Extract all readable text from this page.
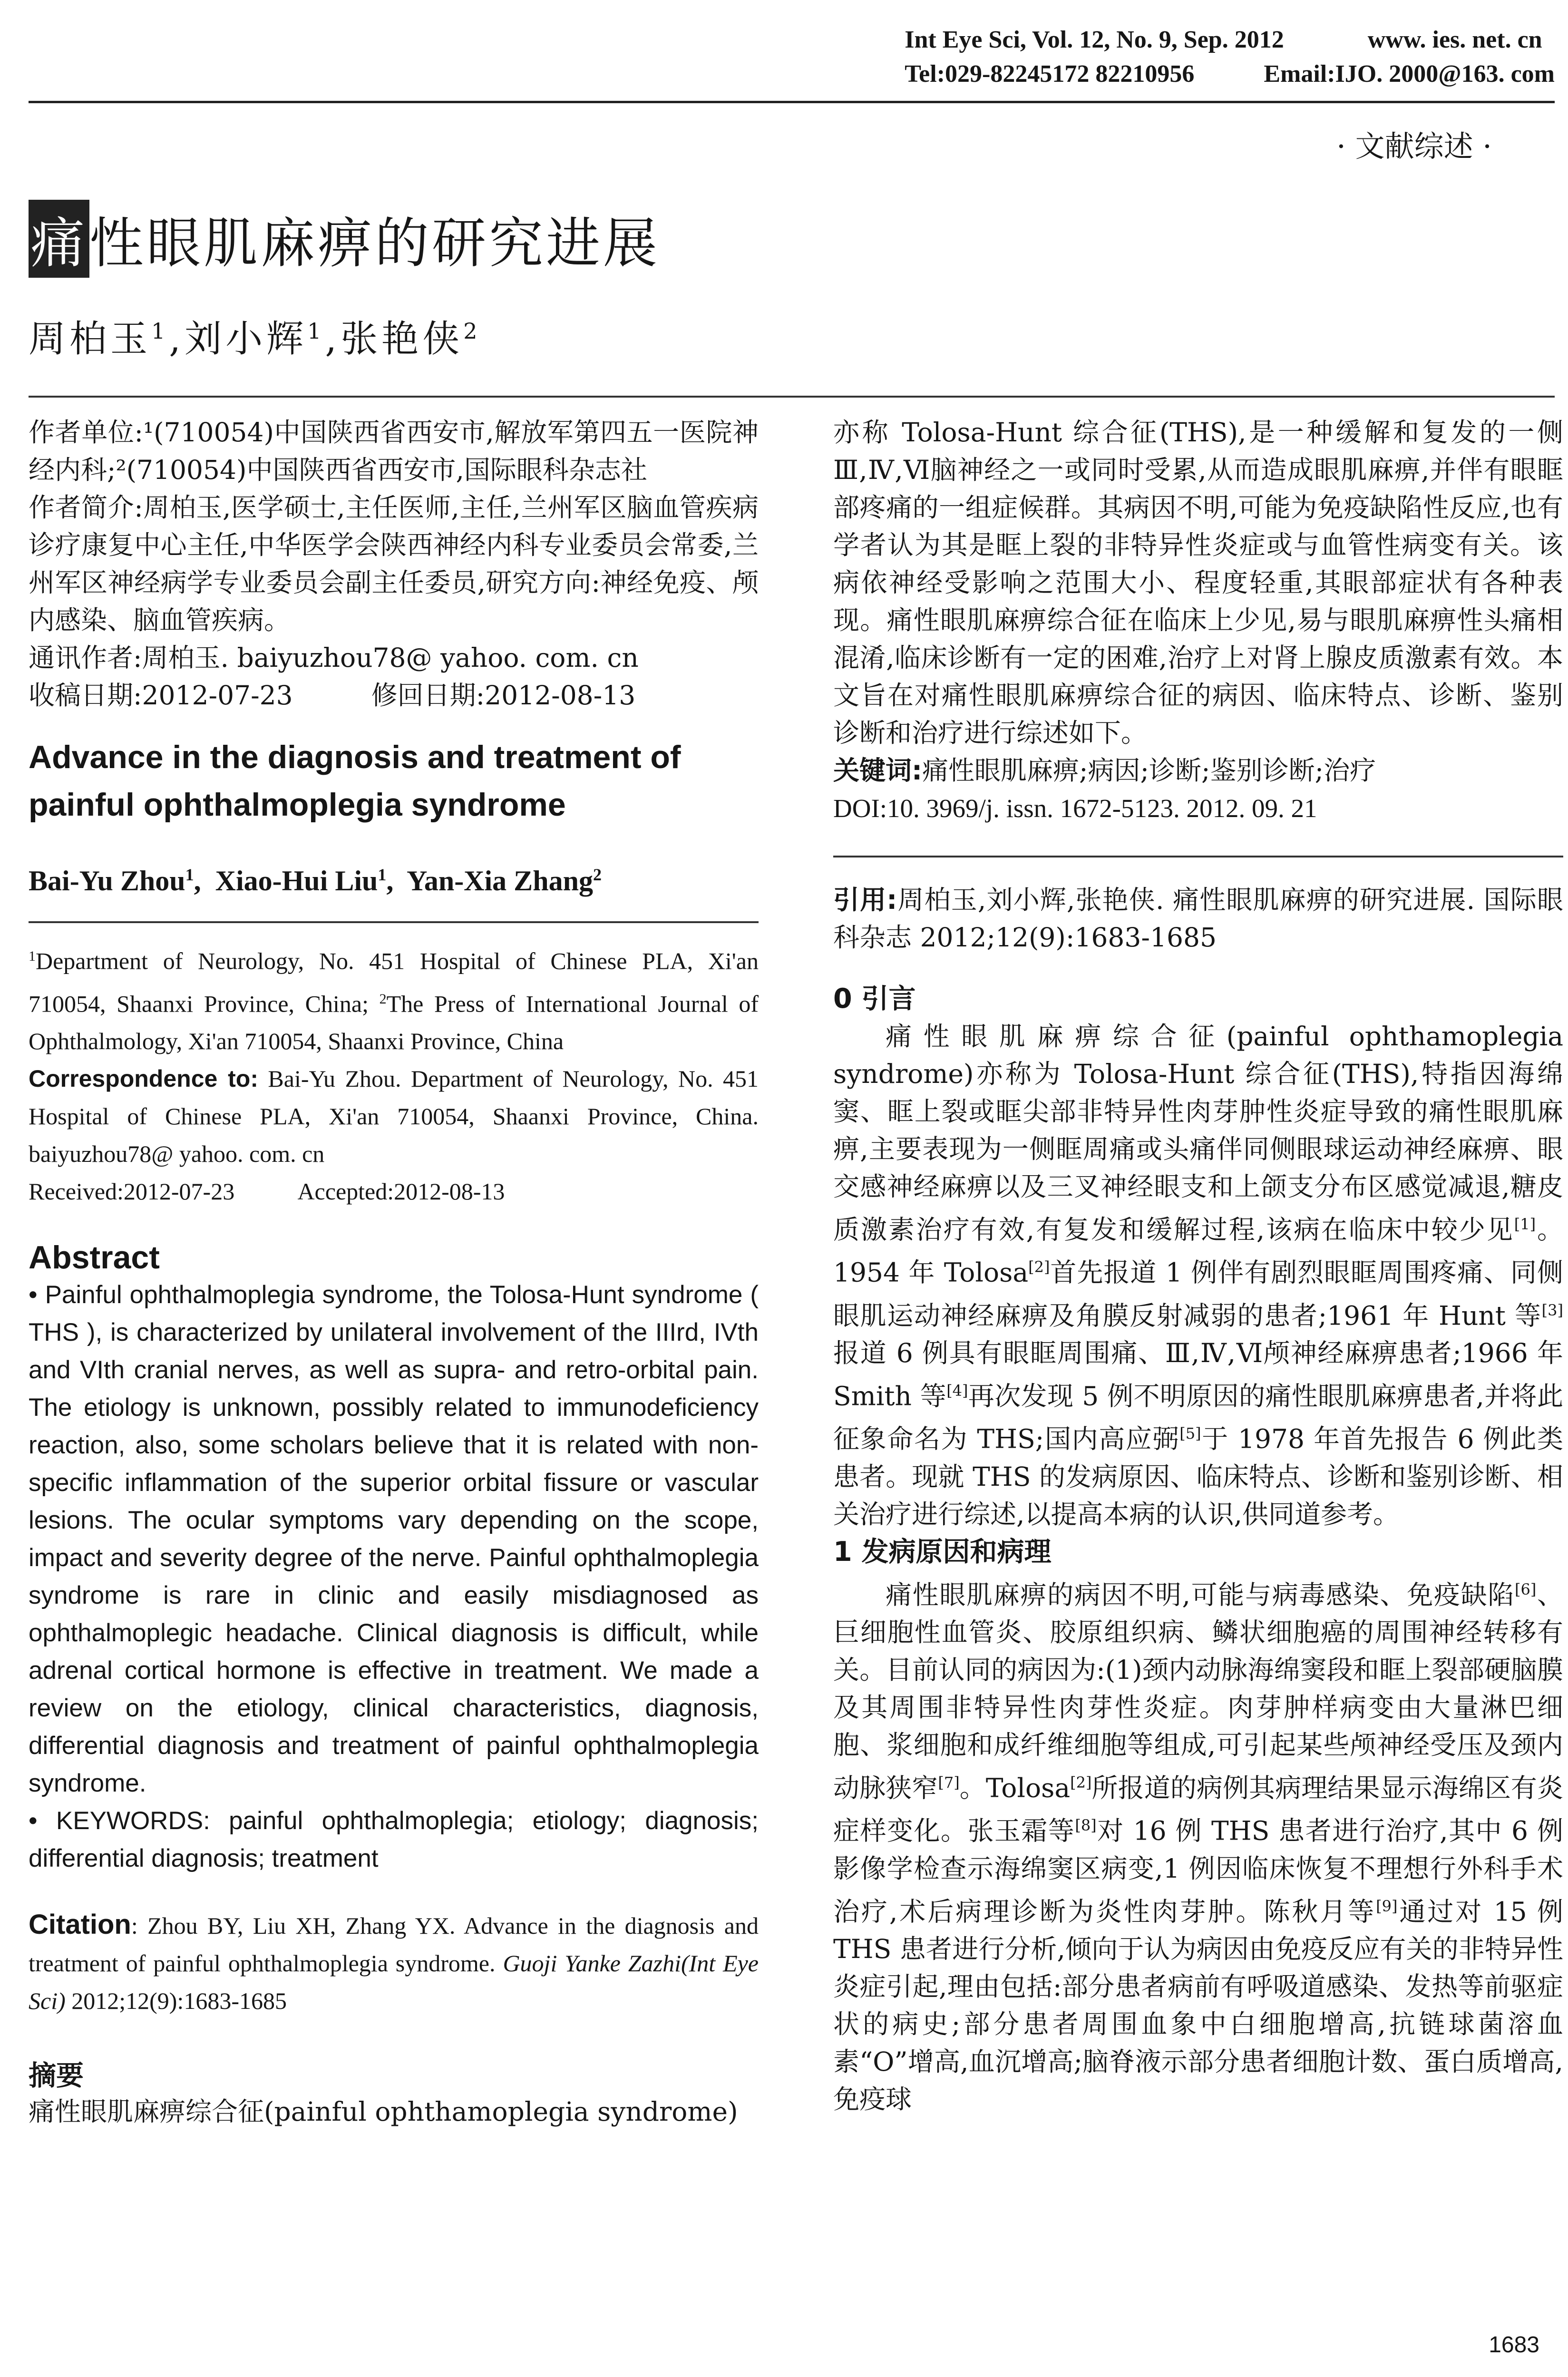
Int Eye Sci, Vol. 12, No. 9, Sep. 2012	www. ies. net. cn
Tel:029-82245172 82210956	Email:IJO. 2000@163. com
· 文献综述 ·
痛性眼肌麻痹的研究进展
周柏玉$^1$,刘小辉$^1$,张艳侠$^2$

作者单位:¹(710054)中国陕西省西安市,解放军第四五一医院神经内科;²(710054)中国陕西省西安市,国际眼科杂志社

作者简介:周柏玉,医学硕士,主任医师,主任,兰州军区脑血管疾病诊疗康复中心主任,中华医学会陕西神经内科专业委员会常委,兰州军区神经病学专业委员会副主任委员,研究方向:神经免疫、颅内感染、脑血管疾病。

通讯作者:周柏玉. baiyuzhou78@ yahoo. com. cn

收稿日期:2012-07-23	修回日期:2012-08-13

Advance in the diagnosis and treatment of painful ophthalmoplegia syndrome

Bai-Yu Zhou$^1$,  Xiao-Hui Liu$^1$,  Yan-Xia Zhang$^2$

$^1$Department of Neurology, No. 451 Hospital of Chinese PLA, Xi'an 710054, Shaanxi Province, China; $^2$The Press of International Journal of Ophthalmology, Xi'an 710054, Shaanxi Province, China

Correspondence to: Bai-Yu Zhou. Department of Neurology, No. 451 Hospital of Chinese PLA, Xi'an 710054, Shaanxi Province, China. baiyuzhou78@ yahoo. com. cn

Received:2012-07-23	Accepted:2012-08-13

Abstract

• Painful ophthalmoplegia syndrome, the Tolosa-Hunt syndrome ( THS ), is characterized by unilateral involvement of the IIIrd, IVth and VIth cranial nerves, as well as supra- and retro-orbital pain. The etiology is unknown, possibly related to immunodeficiency reaction, also, some scholars believe that it is related with non-specific inflammation of the superior orbital fissure or vascular lesions. The ocular symptoms vary depending on the scope, impact and severity degree of the nerve. Painful ophthalmoplegia syndrome is rare in clinic and easily misdiagnosed as ophthalmoplegic headache. Clinical diagnosis is difficult, while adrenal cortical hormone is effective in treatment. We made a review on the etiology, clinical characteristics, diagnosis, differential diagnosis and treatment of painful ophthalmoplegia syndrome.

• KEYWORDS: painful ophthalmoplegia; etiology; diagnosis; differential diagnosis; treatment

Citation: Zhou BY, Liu XH, Zhang YX. Advance in the diagnosis and treatment of painful ophthalmoplegia syndrome. Guoji Yanke Zazhi(Int Eye Sci) 2012;12(9):1683-1685

摘要

痛性眼肌麻痹综合征(painful ophthamoplegia syndrome)

亦称 Tolosa-Hunt 综合征(THS),是一种缓解和复发的一侧Ⅲ,Ⅳ,Ⅵ脑神经之一或同时受累,从而造成眼肌麻痹,并伴有眼眶部疼痛的一组症候群。其病因不明,可能为免疫缺陷性反应,也有学者认为其是眶上裂的非特异性炎症或与血管性病变有关。该病依神经受影响之范围大小、程度轻重,其眼部症状有各种表现。痛性眼肌麻痹综合征在临床上少见,易与眼肌麻痹性头痛相混淆,临床诊断有一定的困难,治疗上对肾上腺皮质激素有效。本文旨在对痛性眼肌麻痹综合征的病因、临床特点、诊断、鉴别诊断和治疗进行综述如下。

关键词:痛性眼肌麻痹;病因;诊断;鉴别诊断;治疗

DOI:10. 3969/j. issn. 1672-5123. 2012. 09. 21

引用:周柏玉,刘小辉,张艳侠. 痛性眼肌麻痹的研究进展. 国际眼科杂志 2012;12(9):1683-1685

0 引言

痛性眼肌麻痹综合征(painful ophthamoplegia syndrome)亦称为 Tolosa-Hunt 综合征(THS),特指因海绵窦、眶上裂或眶尖部非特异性肉芽肿性炎症导致的痛性眼肌麻痹,主要表现为一侧眶周痛或头痛伴同侧眼球运动神经麻痹、眼交感神经麻痹以及三叉神经眼支和上颌支分布区感觉减退,糖皮质激素治疗有效,有复发和缓解过程,该病在临床中较少见[1]。1954 年 Tolosa[2]首先报道 1 例伴有剧烈眼眶周围疼痛、同侧眼肌运动神经麻痹及角膜反射减弱的患者;1961 年 Hunt 等[3]报道 6 例具有眼眶周围痛、Ⅲ,Ⅳ,Ⅵ颅神经麻痹患者;1966 年 Smith 等[4]再次发现 5 例不明原因的痛性眼肌麻痹患者,并将此征象命名为 THS;国内高应弼[5]于 1978 年首先报告 6 例此类患者。现就 THS 的发病原因、临床特点、诊断和鉴别诊断、相关治疗进行综述,以提高本病的认识,供同道参考。

1 发病原因和病理

痛性眼肌麻痹的病因不明,可能与病毒感染、免疫缺陷[6]、巨细胞性血管炎、胶原组织病、鳞状细胞癌的周围神经转移有关。目前认同的病因为:(1)颈内动脉海绵窦段和眶上裂部硬脑膜及其周围非特异性肉芽性炎症。肉芽肿样病变由大量淋巴细胞、浆细胞和成纤维细胞等组成,可引起某些颅神经受压及颈内动脉狭窄[7]。Tolosa[2]所报道的病例其病理结果显示海绵区有炎症样变化。张玉霜等[8]对 16 例 THS 患者进行治疗,其中 6 例影像学检查示海绵窦区病变,1 例因临床恢复不理想行外科手术治疗,术后病理诊断为炎性肉芽肿。陈秋月等[9]通过对 15 例 THS 患者进行分析,倾向于认为病因由免疫反应有关的非特异性炎症引起,理由包括:部分患者病前有呼吸道感染、发热等前驱症状的病史;部分患者周围血象中白细胞增高,抗链球菌溶血素“O”增高,血沉增高;脑脊液示部分患者细胞计数、蛋白质增高,免疫球

1683
